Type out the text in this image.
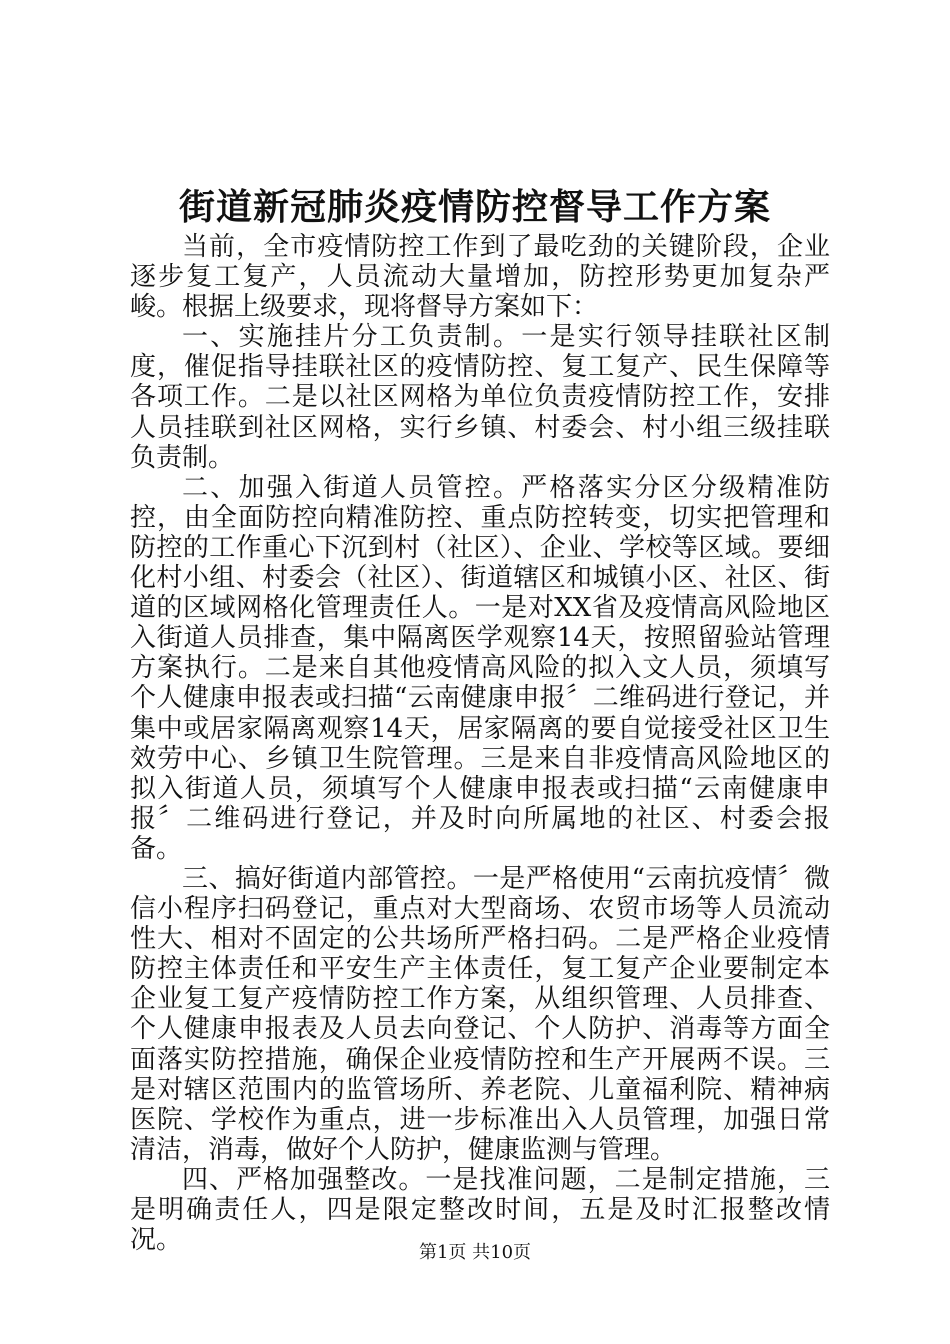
街道新冠肺炎疫情防控督导工作方案

当前，全市疫情防控工作到了最吃劲的关键阶段，企业逐步复工复产，人员流动大量增加，防控形势更加复杂严峻。根据上级要求，现将督导方案如下：

一、实施挂片分工负责制。一是实行领导挂联社区制度，催促指导挂联社区的疫情防控、复工复产、民生保障等各项工作。二是以社区网格为单位负责疫情防控工作，安排人员挂联到社区网格，实行乡镇、村委会、村小组三级挂联负责制。

二、加强入街道人员管控。严格落实分区分级精准防控，由全面防控向精准防控、重点防控转变，切实把管理和防控的工作重心下沉到村（社区）、企业、学校等区域。要细化村小组、村委会（社区）、街道辖区和城镇小区、社区、街道的区域网格化管理责任人。一是对XX省及疫情高风险地区入街道人员排查，集中隔离医学观察14天，按照留验站管理方案执行。二是来自其他疫情高风险的拟入文人员，须填写个人健康申报表或扫描“云南健康申报〞二维码进行登记，并集中或居家隔离观察14天，居家隔离的要自觉接受社区卫生效劳中心、乡镇卫生院管理。三是来自非疫情高风险地区的拟入街道人员，须填写个人健康申报表或扫描“云南健康申报〞二维码进行登记，并及时向所属地的社区、村委会报备。

三、搞好街道内部管控。一是严格使用“云南抗疫情〞微信小程序扫码登记，重点对大型商场、农贸市场等人员流动性大、相对不固定的公共场所严格扫码。二是严格企业疫情防控主体责任和平安生产主体责任，复工复产企业要制定本企业复工复产疫情防控工作方案，从组织管理、人员排查、个人健康申报表及人员去向登记、个人防护、消毒等方面全面落实防控措施，确保企业疫情防控和生产开展两不误。三是对辖区范围内的监管场所、养老院、儿童福利院、精神病医院、学校作为重点，进一步标准出入人员管理，加强日常清洁，消毒，做好个人防护，健康监测与管理。

四、严格加强整改。一是找准问题，二是制定措施，三是明确责任人，四是限定整改时间，五是及时汇报整改情况。	第1页 共10页
